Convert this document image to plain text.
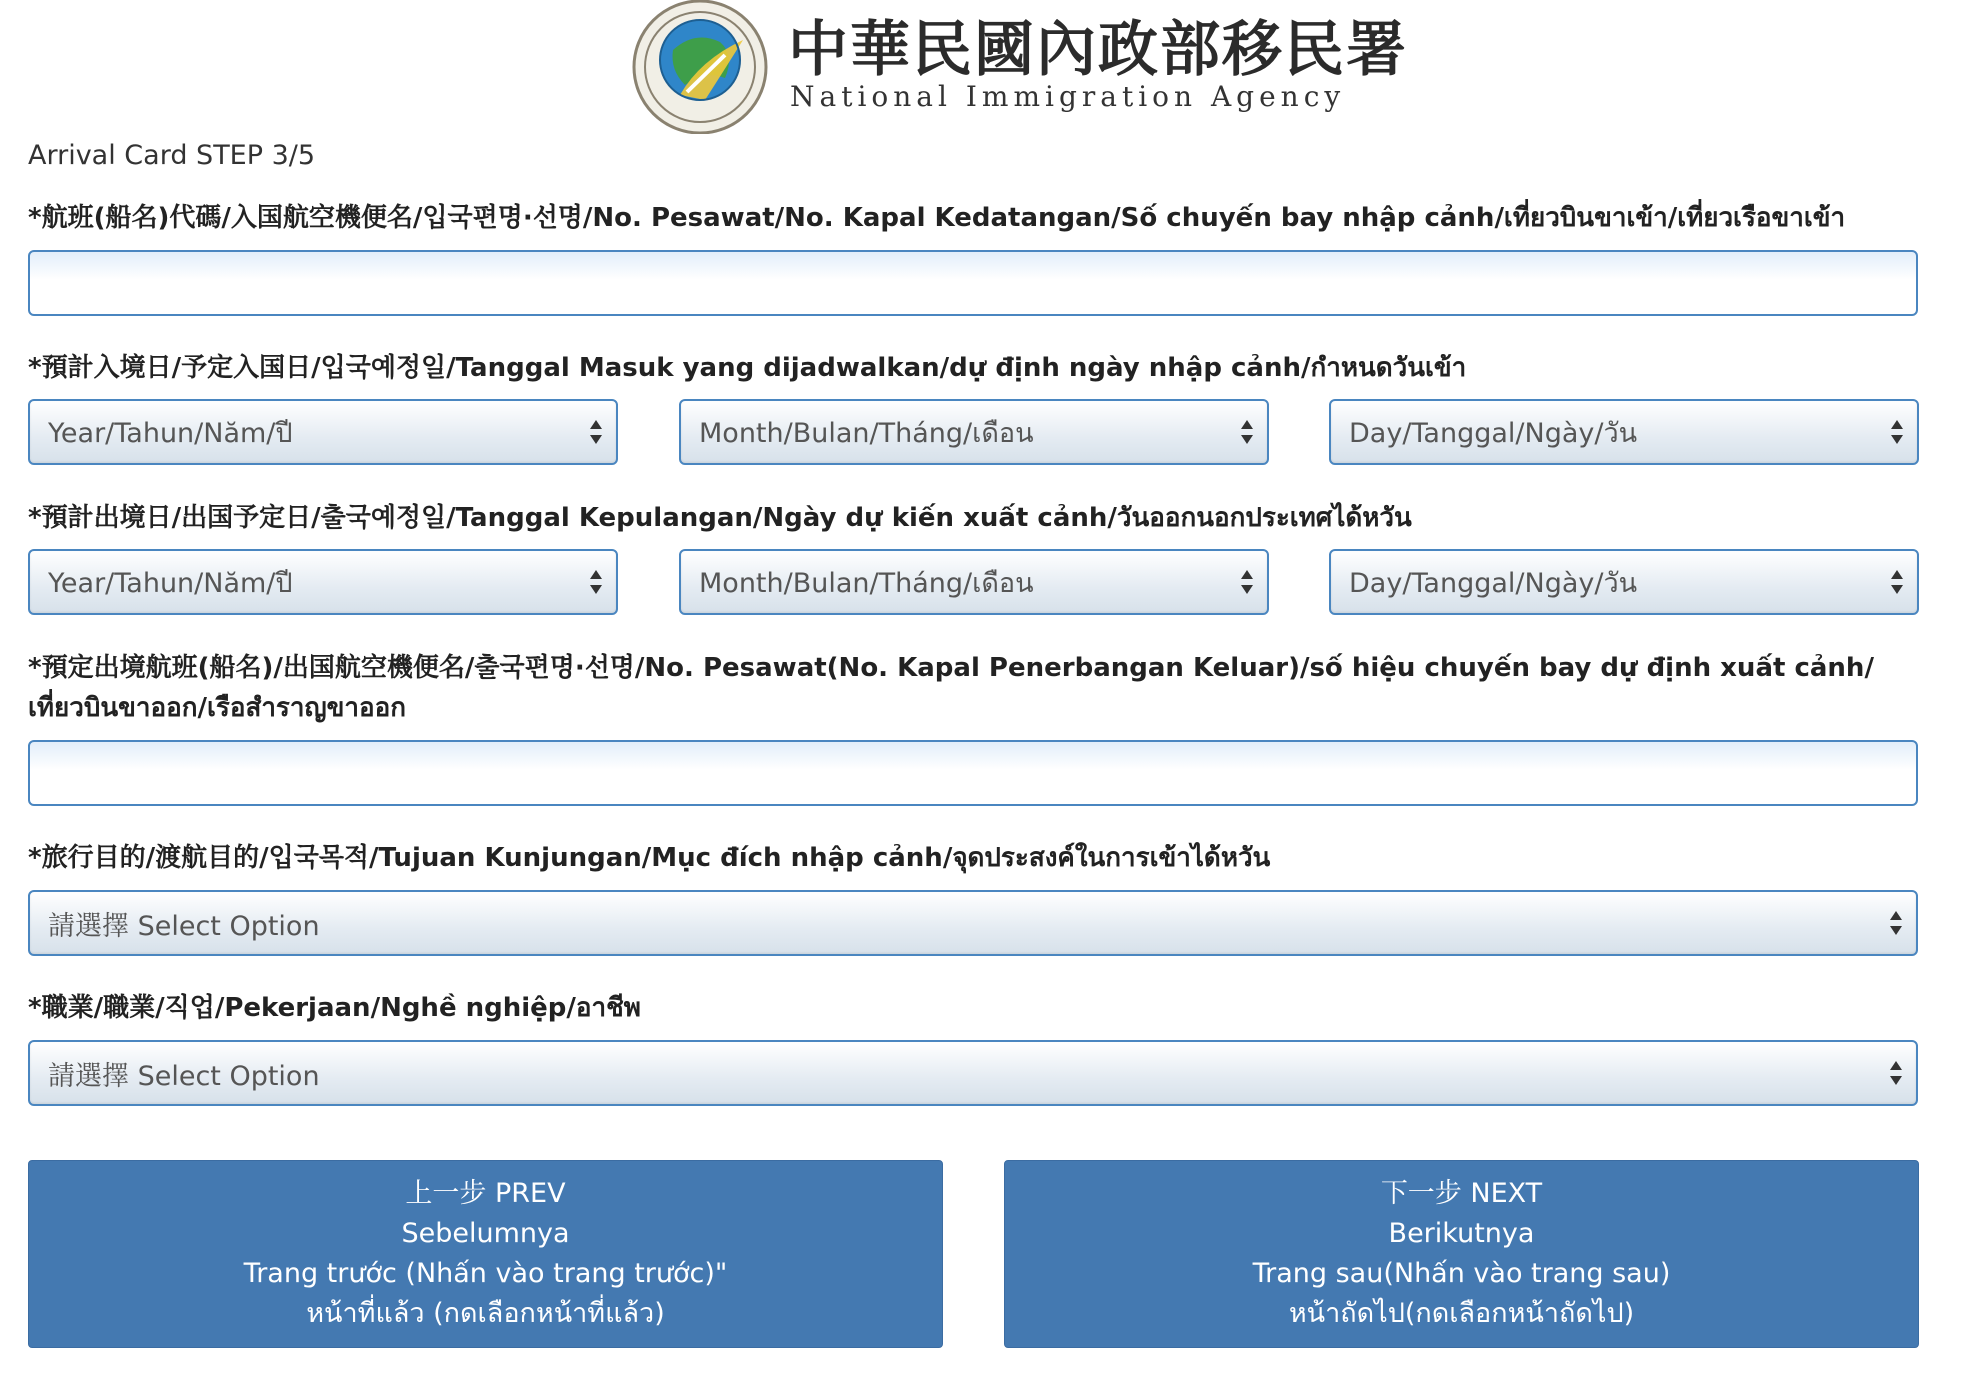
中華民國內政部移民署
National Immigration Agency
Arrival Card STEP 3/5
*航班(船名)代碼/入国航空機便名/입국편명·선명/No. Pesawat/No. Kapal Kedatangan/Số chuyến bay nhập cảnh/เที่ยวบินขาเข้า/เที่ยวเรือขาเข้า
*預計入境日/予定入国日/입국예정일/Tanggal Masuk yang dijadwalkan/dự định ngày nhập cảnh/กำหนดวันเข้า
Year/Tahun/Năm/ปี	Month/Bulan/Tháng/เดือน	Day/Tanggal/Ngày/วัน
*預計出境日/出国予定日/출국예정일/Tanggal Kepulangan/Ngày dự kiến xuất cảnh/วันออกนอกประเทศได้หวัน
Year/Tahun/Năm/ปี	Month/Bulan/Tháng/เดือน	Day/Tanggal/Ngày/วัน
*預定出境航班(船名)/出国航空機便名/출국편명·선명/No. Pesawat(No. Kapal Penerbangan Keluar)/số hiệu chuyến bay dự định xuất cảnh/เที่ยวบินขาออก/เรือสำราญขาออก
*旅行目的/渡航目的/입국목적/Tujuan Kunjungan/Mục đích nhập cảnh/จุดประสงค์ในการเข้าได้หวัน
請選擇 Select Option
*職業/職業/직업/Pekerjaan/Nghề nghiệp/อาชีพ
請選擇 Select Option
上一步 PREV
Sebelumnya
Trang trước (Nhấn vào trang trước)"
หน้าที่แล้ว (กดเลือกหน้าที่แล้ว)
下一步 NEXT
Berikutnya
Trang sau(Nhấn vào trang sau)
หน้าถัดไป(กดเลือกหน้าถัดไป)
